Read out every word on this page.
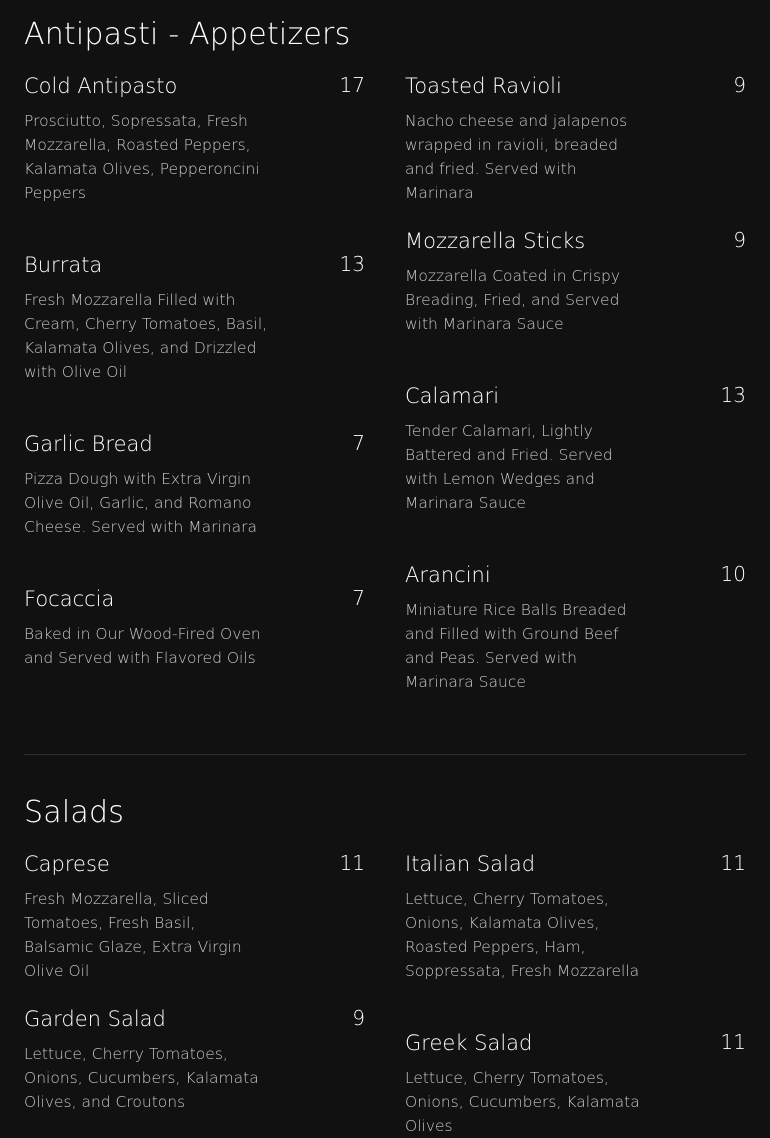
Antipasti - Appetizers
Cold Antipasto

Prosciutto, Sopressata, Fresh Mozzarella, Roasted Peppers, Kalamata Olives, Pepperoncini Peppers

17
Burrata

Fresh Mozzarella Filled with Cream, Cherry Tomatoes, Basil, Kalamata Olives, and Drizzled with Olive Oil

13
Garlic Bread

Pizza Dough with Extra Virgin Olive Oil, Garlic, and Romano Cheese. Served with Marinara

7
Focaccia

Baked in Our Wood-Fired Oven and Served with Flavored Oils

7
Toasted Ravioli

Nacho cheese and jalapenos wrapped in ravioli, breaded and fried. Served with Marinara

9
Mozzarella Sticks

Mozzarella Coated in Crispy Breading, Fried, and Served with Marinara Sauce

9
Calamari

Tender Calamari, Lightly Battered and Fried. Served with Lemon Wedges and Marinara Sauce

13
Arancini

Miniature Rice Balls Breaded and Filled with Ground Beef and Peas. Served with Marinara Sauce

10
Salads
Caprese

Fresh Mozzarella, Sliced Tomatoes, Fresh Basil, Balsamic Glaze, Extra Virgin Olive Oil

11
Garden Salad

Lettuce, Cherry Tomatoes, Onions, Cucumbers, Kalamata Olives, and Croutons

9
Italian Salad

Lettuce, Cherry Tomatoes, Onions, Kalamata Olives, Roasted Peppers, Ham, Soppressata, Fresh Mozzarella

11
Greek Salad

Lettuce, Cherry Tomatoes, Onions, Cucumbers, Kalamata Olives

11
